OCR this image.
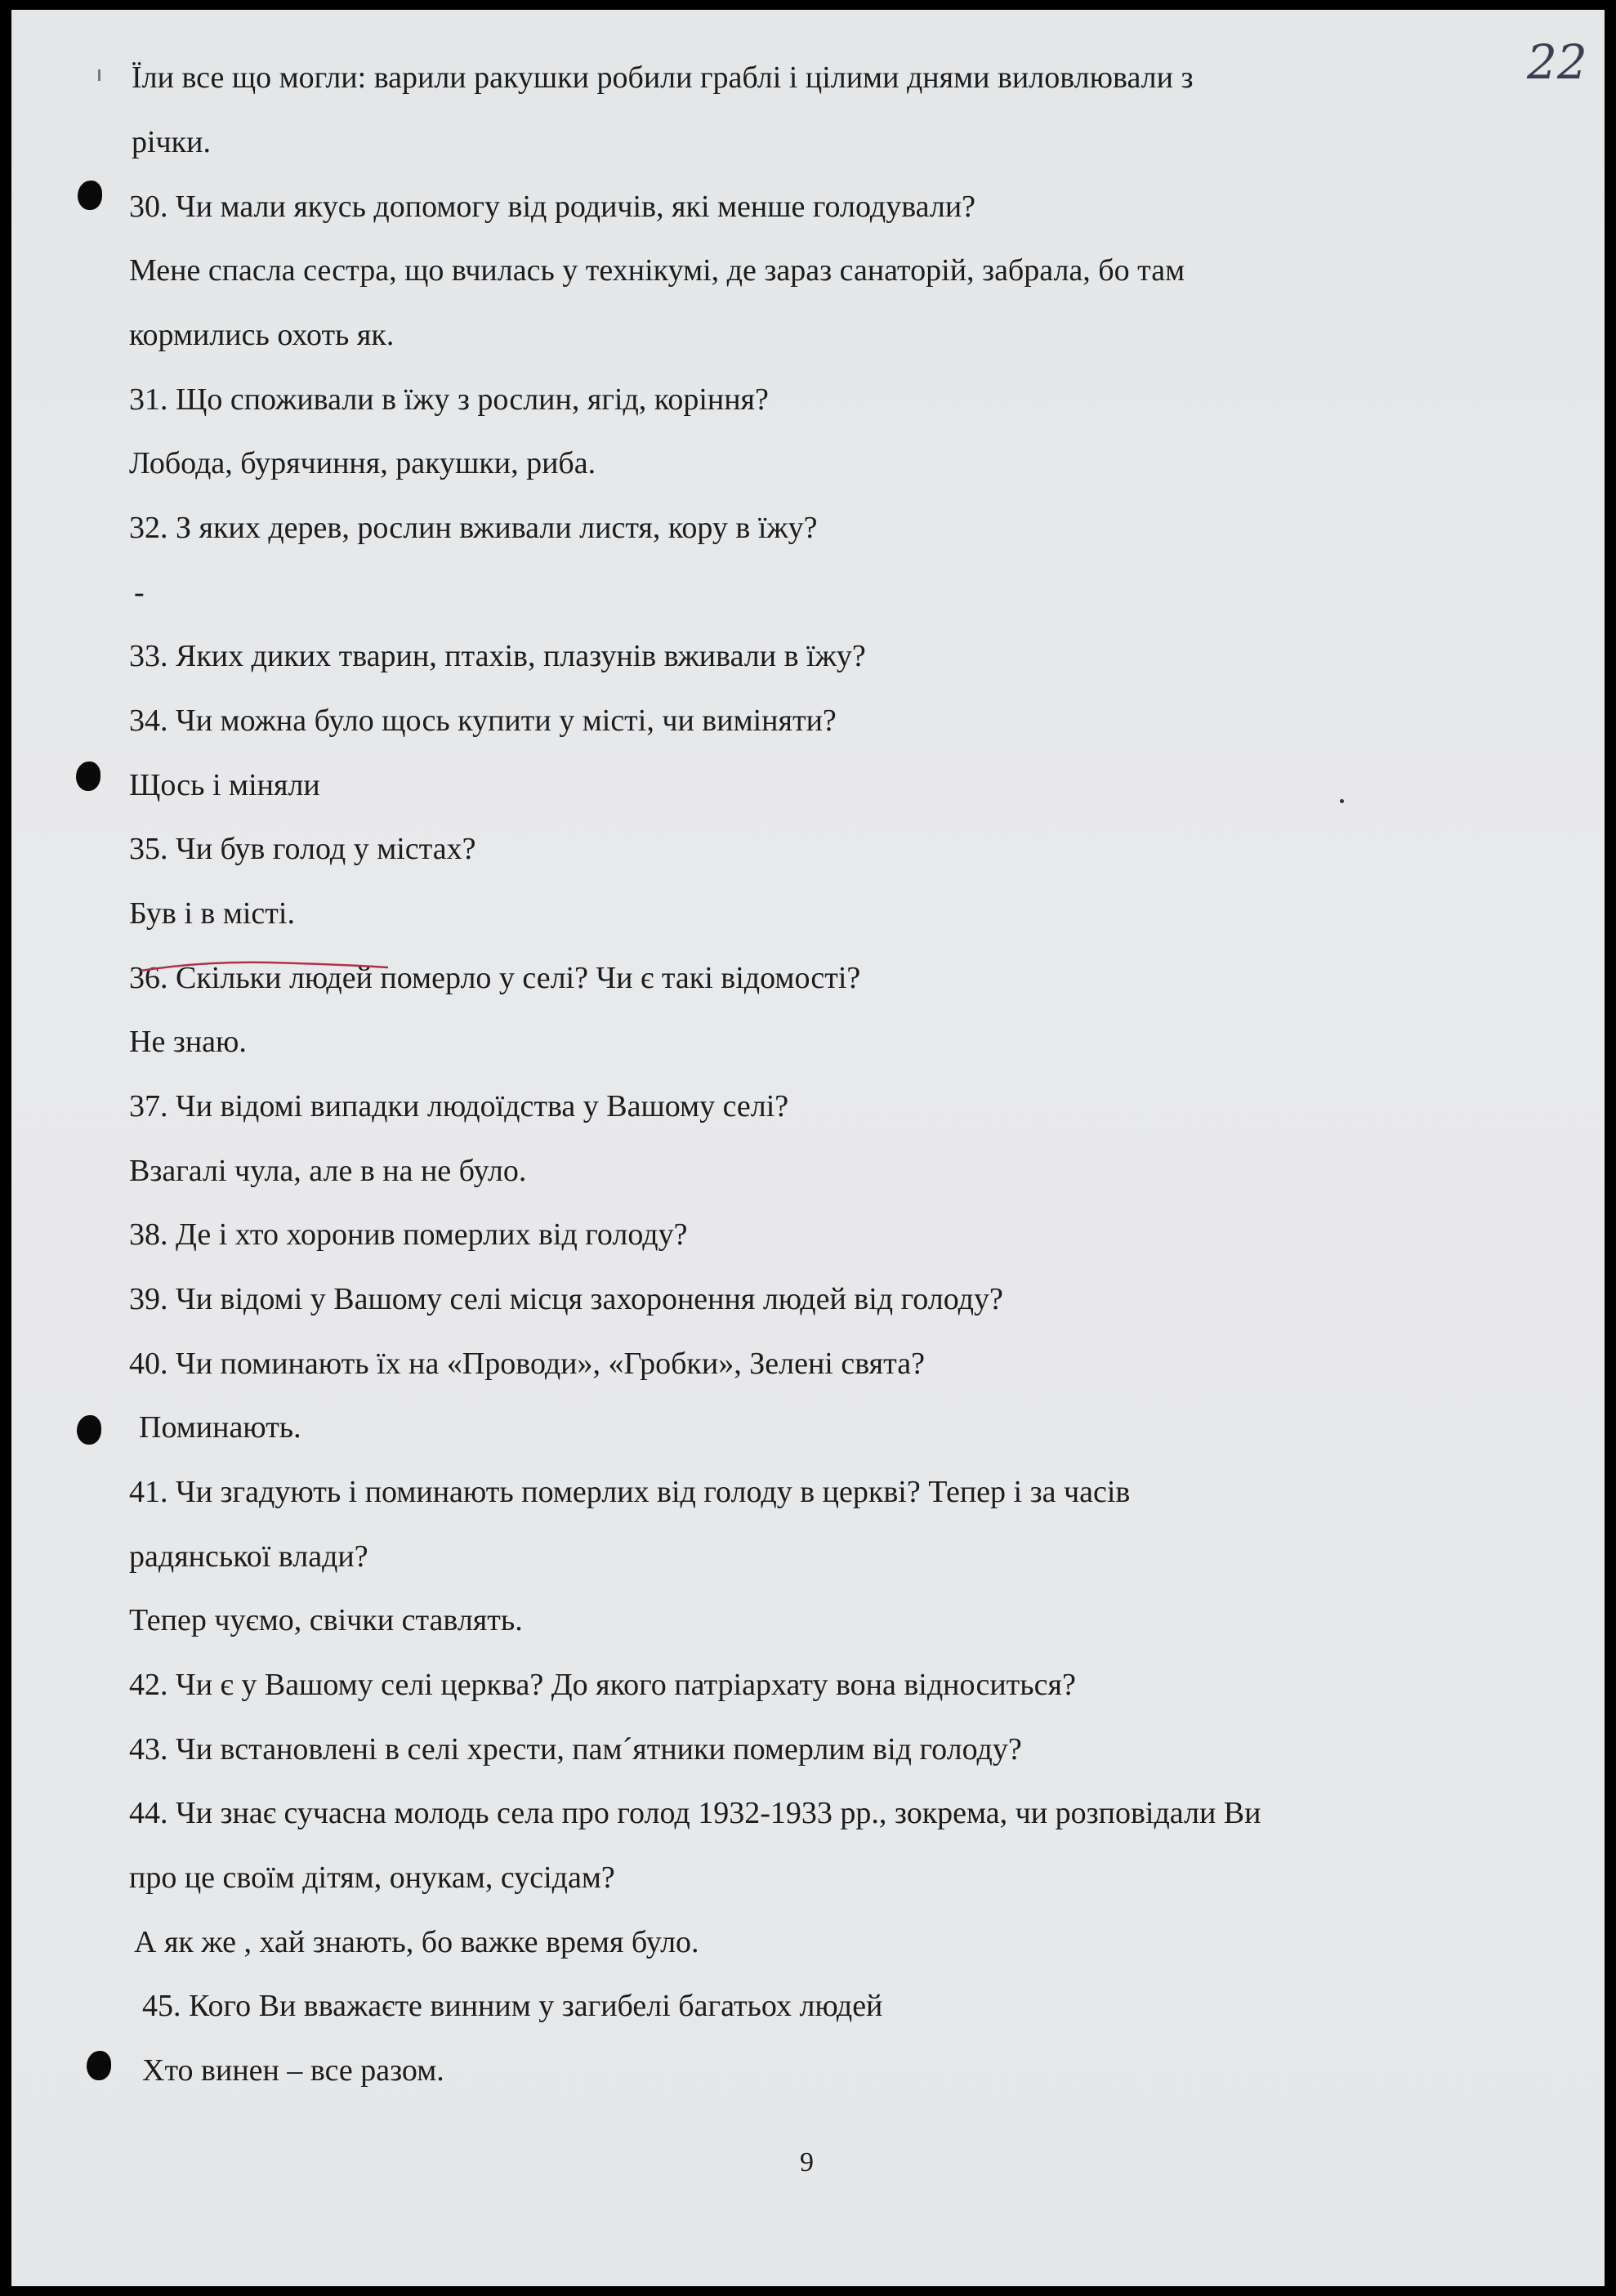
22
Їли все що могли: варили ракушки робили граблі і цілими днями виловлювали з
річки.
30. Чи мали якусь допомогу від родичів, які менше голодували?
Мене спасла сестра, що вчилась у технікумі, де зараз санаторій, забрала, бо там
кормились охоть як.
31. Що споживали в їжу з рослин, ягід, коріння?
Лобода, бурячиння, ракушки, риба.
32. З яких дерев, рослин вживали листя, кору в їжу?
-
33. Яких диких тварин, птахів, плазунів вживали в їжу?
34. Чи можна було щось купити у місті, чи виміняти?
Щось і міняли
35. Чи був голод у містах?
Був і в місті.
36. Скільки людей померло у селі? Чи є такі відомості?
Не знаю.
37. Чи відомі випадки людоїдства у Вашому селі?
Взагалі чула, але в на не було.
38. Де і хто хоронив померлих від голоду?
39. Чи відомі у Вашому селі місця захоронення людей від голоду?
40. Чи поминають їх на «Проводи», «Гробки», Зелені свята?
Поминають.
41. Чи згадують і поминають померлих від голоду в церкві? Тепер і за часів
радянської влади?
Тепер чуємо, свічки ставлять.
42. Чи є у Вашому селі церква? До якого патріархату вона відноситься?
43. Чи встановлені в селі хрести, пам´ятники померлим від голоду?
44. Чи знає сучасна молодь села про голод 1932-1933 рр., зокрема, чи розповідали Ви
про це своїм дітям, онукам, сусідам?
А як же , хай знають, бо важке время було.
45. Кого Ви вважаєте винним у загибелі багатьох людей
Хто винен – все разом.
9
